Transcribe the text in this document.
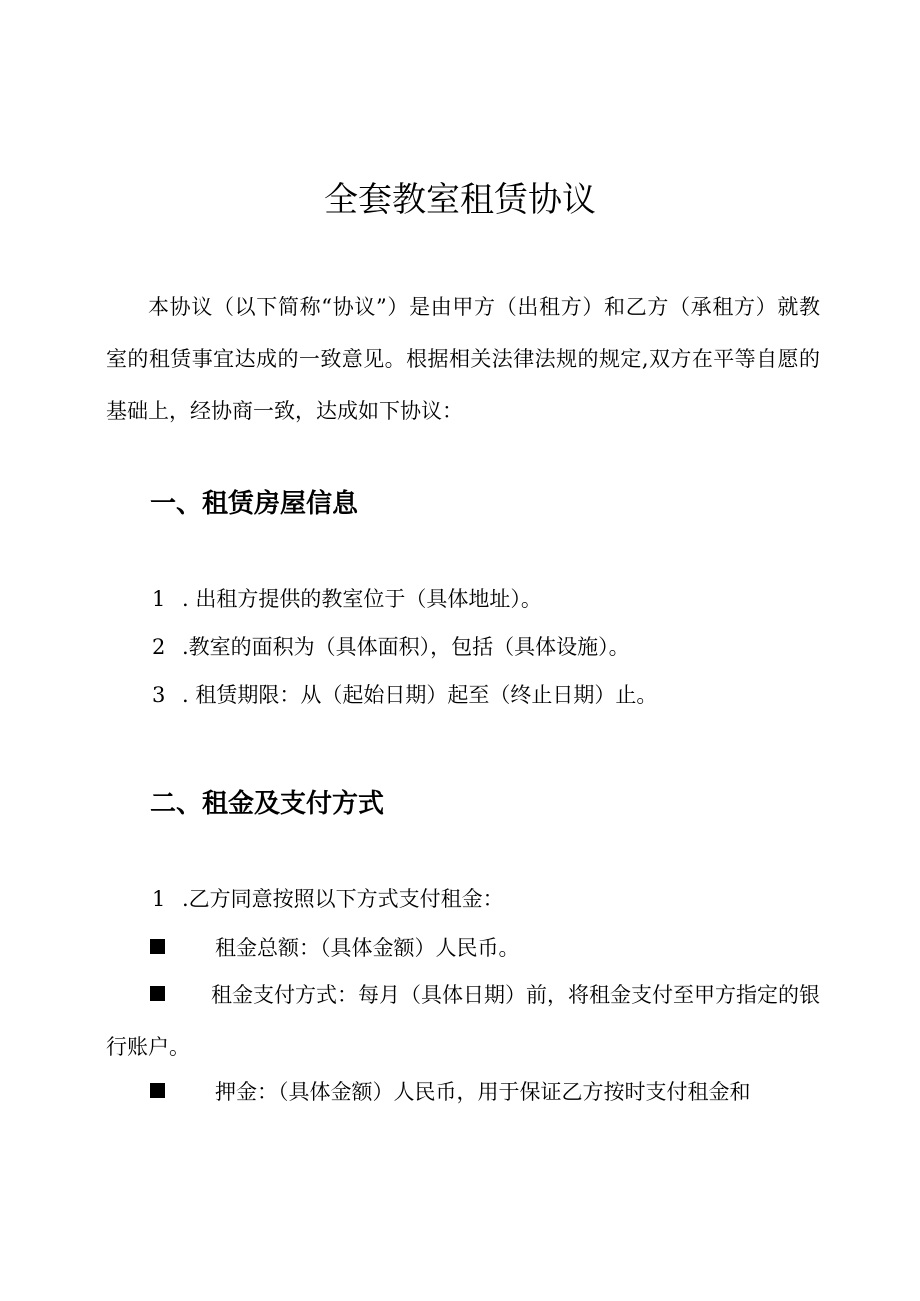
全套教室租赁协议

本协议（以下简称“协议”）是由甲方（出租方）和乙方（承租方）就教室的租赁事宜达成的一致意见。根据相关法律法规的规定,双方在平等自愿的基础上，经协商一致，达成如下协议：

一、租赁房屋信息

1 . 出租方提供的教室位于（具体地址）。

2 .教室的面积为（具体面积），包括（具体设施）。

3 . 租赁期限：从（起始日期）起至（终止日期）止。

二、租金及支付方式

1 .乙方同意按照以下方式支付租金：

租金总额：（具体金额）人民币。

租金支付方式：每月（具体日期）前，将租金支付至甲方指定的银行账户。

押金：（具体金额）人民币，用于保证乙方按时支付租金和
